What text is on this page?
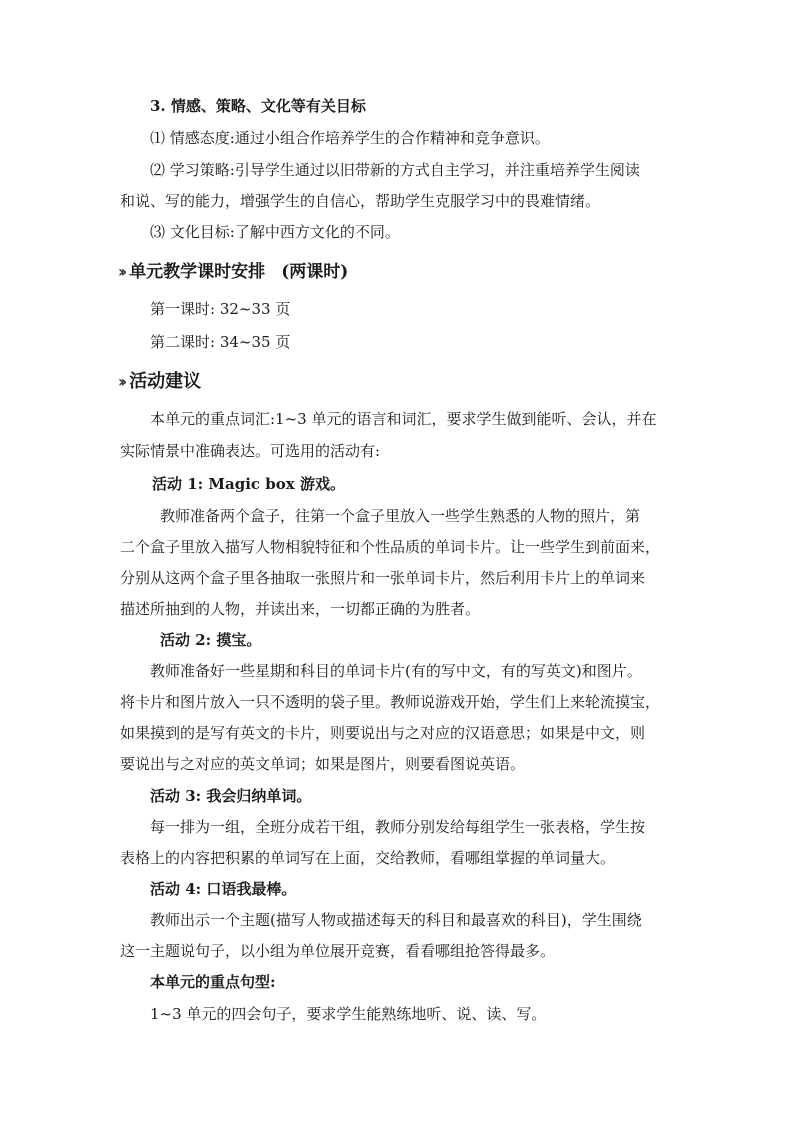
3. 情感、策略、文化等有关目标
⑴ 情感态度:通过小组合作培养学生的合作精神和竞争意识。
⑵ 学习策略:引导学生通过以旧带新的方式自主学习，并注重培养学生阅读
和说、写的能力，增强学生的自信心，帮助学生克服学习中的畏难情绪。
⑶ 文化目标:了解中西方文化的不同。
›› 单元教学课时安排 (两课时)
第一课时: 32~33 页
第二课时: 34~35 页
›› 活动建议
本单元的重点词汇:1~3 单元的语言和词汇，要求学生做到能听、会认，并在
实际情景中准确表达。可选用的活动有:
活动 1: Magic box 游戏。
教师准备两个盒子，往第一个盒子里放入一些学生熟悉的人物的照片，第
二个盒子里放入描写人物相貌特征和个性品质的单词卡片。让一些学生到前面来，
分别从这两个盒子里各抽取一张照片和一张单词卡片，然后利用卡片上的单词来
描述所抽到的人物，并读出来，一切都正确的为胜者。
活动 2: 摸宝。
教师准备好一些星期和科目的单词卡片(有的写中文，有的写英文)和图片。
将卡片和图片放入一只不透明的袋子里。教师说游戏开始，学生们上来轮流摸宝，
如果摸到的是写有英文的卡片，则要说出与之对应的汉语意思；如果是中文，则
要说出与之对应的英文单词；如果是图片，则要看图说英语。
活动 3: 我会归纳单词。
每一排为一组，全班分成若干组，教师分别发给每组学生一张表格，学生按
表格上的内容把积累的单词写在上面，交给教师，看哪组掌握的单词量大。
活动 4: 口语我最棒。
教师出示一个主题(描写人物或描述每天的科目和最喜欢的科目)，学生围绕
这一主题说句子，以小组为单位展开竞赛，看看哪组抢答得最多。
本单元的重点句型:
1~3 单元的四会句子，要求学生能熟练地听、说、读、写。
